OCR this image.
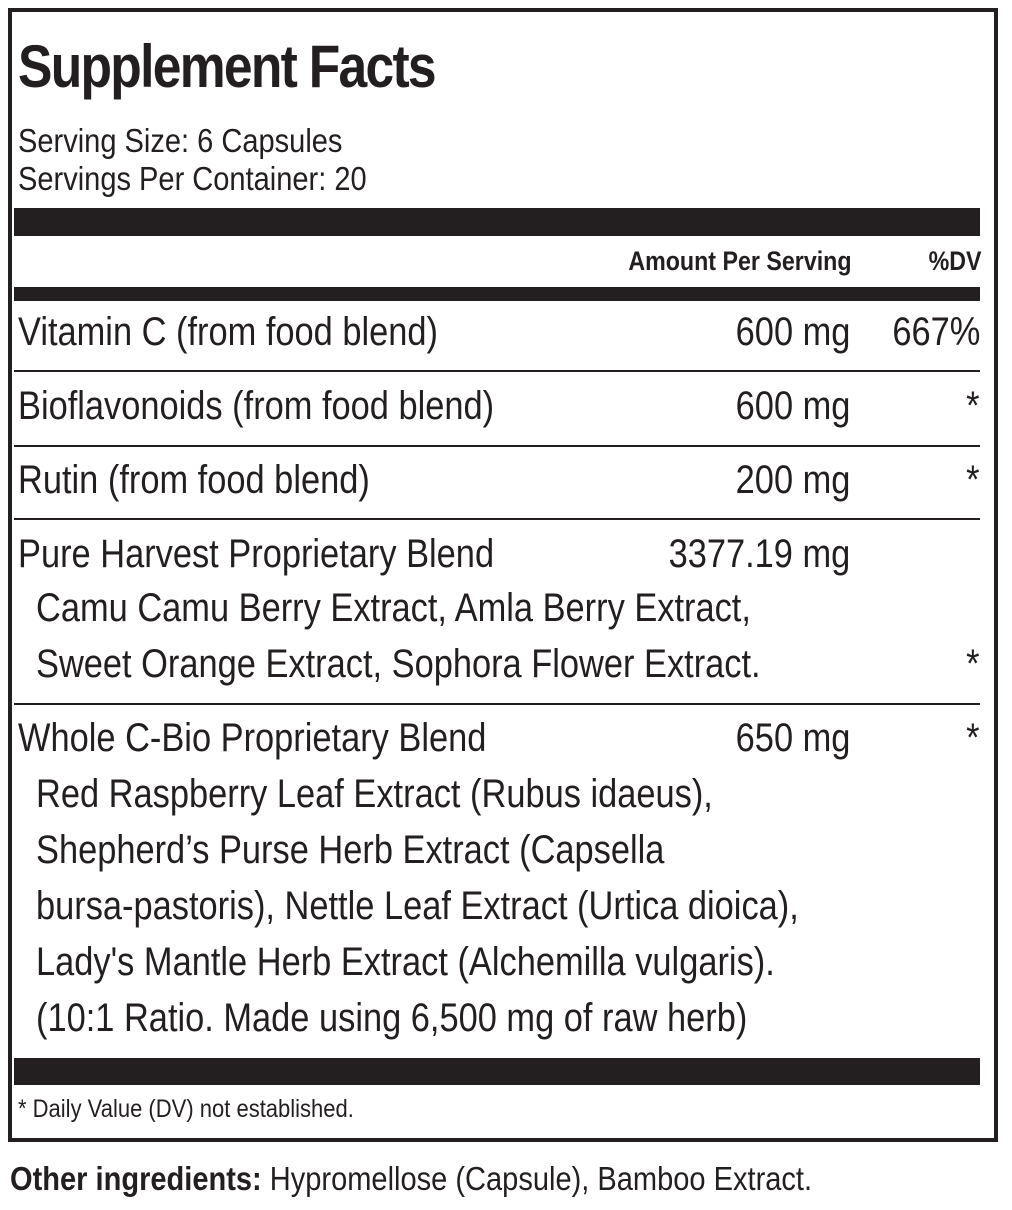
Supplement Facts
Serving Size: 6 Capsules
Servings Per Container: 20
Amount Per Serving	%DV
Vitamin C (from food blend)	600 mg 667%
Bioflavonoids (from food blend)	600 mg	*
Rutin (from food blend)	200 mg	*
Pure Harvest Proprietary Blend	3377.19 mg
Camu Camu Berry Extract, Amla Berry Extract,
Sweet Orange Extract, Sophora Flower Extract.	*
Whole C-Bio Proprietary Blend	650 mg	*
Red Raspberry Leaf Extract (Rubus idaeus),
Shepherd’s Purse Herb Extract (Capsella
bursa-pastoris), Nettle Leaf Extract (Urtica dioica),
Lady's Mantle Herb Extract (Alchemilla vulgaris).
(10:1 Ratio. Made using 6,500 mg of raw herb)
* Daily Value (DV) not established.
Other ingredients: Hypromellose (Capsule), Bamboo Extract.
